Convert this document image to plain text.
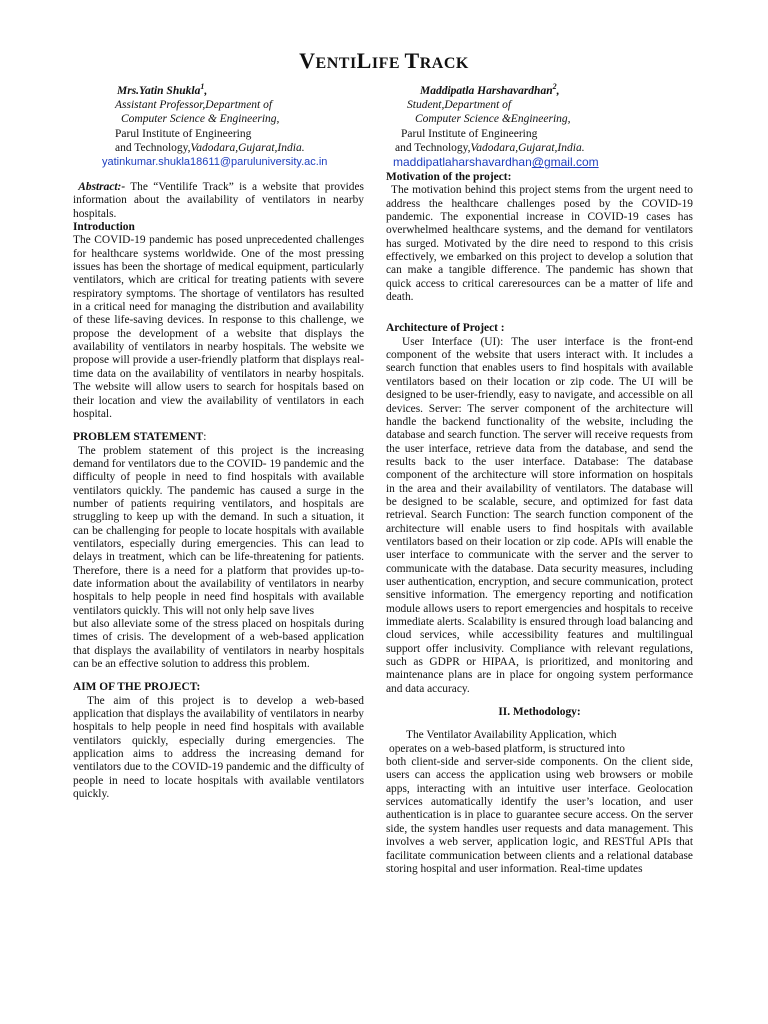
VENTILIFE TRACK
Mrs.Yatin Shukla$^1$,
Assistant Professor,Department of
Computer Science & Engineering,
Parul Institute of Engineering
and Technology,Vadodara,Gujarat,India.
yatinkumar.shukla18611@paruluniversity.ac.in
Maddipatla Harshavardhan$^2$,
Student,Department of
Computer Science &Engineering,
Parul Institute of Engineering
and Technology,Vadodara,Gujarat,India.
maddipatlaharshavardhan@gmail.com

Abstract:- The “Ventilife Track” is a website that provides information about the availability of ventilators in nearby hospitals.

Introduction

The COVID-19 pandemic has posed unprecedented challenges for healthcare systems worldwide. One of the most pressing issues has been the shortage of medical equipment, particularly ventilators, which are critical for treating patients with severe respiratory symptoms. The shortage of ventilators has resulted in a critical need for managing the distribution and availability of these life-saving devices. In response to this challenge, we propose the development of a website that displays the availability of ventilators in nearby hospitals. The website we propose will provide a user-friendly platform that displays real-time data on the availability of ventilators in nearby hospitals. The website will allow users to search for hospitals based on their location and view the availability of ventilators in each hospital.

PROBLEM STATEMENT:

The problem statement of this project is the increasing demand for ventilators due to the COVID- 19 pandemic and the difficulty of people in need to find hospitals with available ventilators quickly. The pandemic has caused a surge in the number of patients requiring ventilators, and hospitals are struggling to keep up with the demand. In such a situation, it can be challenging for people to locate hospitals with available ventilators, especially during emergencies. This can lead to delays in treatment, which can be life-threatening for patients. Therefore, there is a need for a platform that provides up-to-date information about the availability of ventilators in nearby hospitals to help people in need find hospitals with available ventilators quickly. This will not only help save lives

but also alleviate some of the stress placed on hospitals during times of crisis. The development of a web-based application that displays the availability of ventilators in nearby hospitals can be an effective solution to address this problem.

AIM OF THE PROJECT:

The aim of this project is to develop a web-based application that displays the availability of ventilators in nearby hospitals to help people in need find hospitals with available ventilators quickly, especially during emergencies. The application aims to address the increasing demand for ventilators due to the COVID-19 pandemic and the difficulty of people in need to locate hospitals with available ventilators quickly.

Motivation of the project:

The motivation behind this project stems from the urgent need to address the healthcare challenges posed by the COVID-19 pandemic. The exponential increase in COVID-19 cases has overwhelmed healthcare systems, and the demand for ventilators has surged. Motivated by the dire need to respond to this crisis effectively, we embarked on this project to develop a solution that can make a tangible difference. The pandemic has shown that quick access to critical careresources can be a matter of life and death.

Architecture of Project :

User Interface (UI): The user interface is the front-end component of the website that users interact with. It includes a search function that enables users to find hospitals with available ventilators based on their location or zip code. The UI will be designed to be user-friendly, easy to navigate, and accessible on all devices. Server: The server component of the architecture will handle the backend functionality of the website, including the database and search function. The server will receive requests from the user interface, retrieve data from the database, and send the results back to the user interface. Database: The database component of the architecture will store information on hospitals in the area and their availability of ventilators. The database will be designed to be scalable, secure, and optimized for fast data retrieval. Search Function: The search function component of the architecture will enable users to find hospitals with available ventilators based on their location or zip code. APIs will enable the user interface to communicate with the server and the server to communicate with the database. Data security measures, including user authentication, encryption, and secure communication, protect sensitive information. The emergency reporting and notification module allows users to report emergencies and hospitals to receive immediate alerts. Scalability is ensured through load balancing and cloud services, while accessibility features and multilingual support offer inclusivity. Compliance with relevant regulations, such as GDPR or HIPAA, is prioritized, and monitoring and maintenance plans are in place for ongoing system performance and data accuracy.

II. Methodology:

The Ventilator Availability Application, which

operates on a web-based platform, is structured into

both client-side and server-side components. On the client side, users can access the application using web browsers or mobile apps, interacting with an intuitive user interface. Geolocation services automatically identify the user’s location, and user authentication is in place to guarantee secure access. On the server side, the system handles user requests and data management. This involves a web server, application logic, and RESTful APIs that facilitate communication between clients and a relational database storing hospital and user information. Real-time updates
